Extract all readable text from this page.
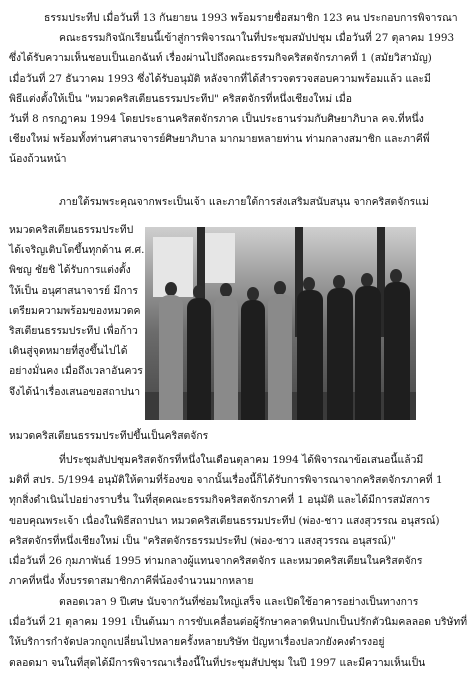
ธรรมประทีป เมื่อวันที่ 13 กันยายน 1993 พร้อมรายชื่อสมาชิก 123 คน ประกอบการพิจารณา
คณะธรรมกิจนักเรียนนี้เข้าสู่การพิจารณาในที่ประชุมสมัปปชุม เมื่อวันที่ 27 ตุลาคม 1993
ซึ่งได้รับความเห็นชอบเป็นเอกฉันท์ เรื่องผ่านไปถึงคณะธรรมกิจคริสตจักรภาคที่ 1 (สมัยวิสามัญ)
เมื่อวันที่ 27 ธันวาคม 1993 ซึ่งได้รับอนุมัติ หลังจากที่ได้สำรวจตรวจสอบความพร้อมแล้ว และมี
พิธีแต่งตั้งให้เป็น "หมวดคริสเตียนธรรมประทีป" คริสตจักรที่หนึ่งเชียงใหม่ เมื่อ
วันที่ 8 กรกฎาคม 1994 โดยประธานคริสตจักรภาค เป็นประธานร่วมกับศิษยาภิบาล คจ.ที่หนึ่ง
เชียงใหม่ พร้อมทั้งท่านศาสนาจารย์ศิษยาภิบาล มากมายหลายท่าน ท่ามกลางสมาชิก และภาคีพี่
น้องถ้วนหน้า
ภายใต้รมพระคุณจากพระเป็นเจ้า และภายใต้การส่งเสริมสนับสนุน จากคริสตจักรแม่
หมวดคริสเตียนธรรมประทีป
ได้เจริญเติบโตขึ้นทุกด้าน ศ.ศ.
พิชญ ชัยชิ ได้รับการแต่งตั้ง
ให้เป็น อนุศาสนาจารย์ มีการ
เตรียมความพร้อมของหมวดค
ริสเตียนธรรมประทีป เพื่อก้าว
เดินสู่จุดหมายที่สูงขึ้นไปได้
อย่างมั่นคง เมื่อถึงเวลาอันควร
จึงได้นำเรื่องเสนอขอสถาปนา
หมวดคริสเตียนธรรมประทีปขึ้นเป็นคริสตจักร
ที่ประชุมสัปปชุมคริสตจักรที่หนึ่งในเดือนตุลาคม 1994 ได้พิจารณาข้อเสนอนี้แล้วมี
มติที่ สปร. 5/1994 อนุมัติให้ตามที่ร้องขอ จากนั้นเรื่องนี้ก็ได้รับการพิจารณาจากคริสตจักรภาคที่ 1
ทุกสิ่งดำเนินไปอย่างราบรื่น ในที่สุดคณะธรรมกิจคริสตจักรภาคที่ 1 อนุมัติ และได้มีการสมัสการ
ขอบคุณพระเจ้า เนื่องในพิธีสถาปนา หมวดคริสเตียนธรรมประทีป (พ่อง-ชาว แสงสุวรรณ อนุสรณ์)
คริสตจักรที่หนึ่งเชียงใหม่ เป็น "คริสตจักรธรรมประทีป (พ่อง-ชาว แสงสุวรรณ อนุสรณ์)"
เมื่อวันที่ 26 กุมภาพันธ์ 1995 ท่ามกลางผู้แทนจากคริสตจักร และหมวดคริสเตียนในคริสตจักร
ภาคที่หนึ่ง ทั้งบรรดาสมาชิกภาคีพี่น้องจำนวนมากหลาย
ตลอดเวลา 9 ปีเศษ นับจากวันที่ซ่อมใหญ่เสร็จ และเปิดใช้อาคารอย่างเป็นทางการ
เมื่อวันที่ 21 ตุลาคม 1991 เป็นต้นมา การขับเคลื่อนต่อผู้รักษาคลาดหินปกเป็นปรักตัวนิมคลลอด บริษัทที่
ให้บริการกำจัดปลวกถูกเปลี่ยนไปหลายครั้งหลายบริษัท ปัญหาเรื่องปลวกยังคงดำรงอยู่
ตลอดมา จนในที่สุดได้มีการพิจารณาเรื่องนี้ในที่ประชุมสัปปชุม ในปี 1997 และมีความเห็นเป็น
